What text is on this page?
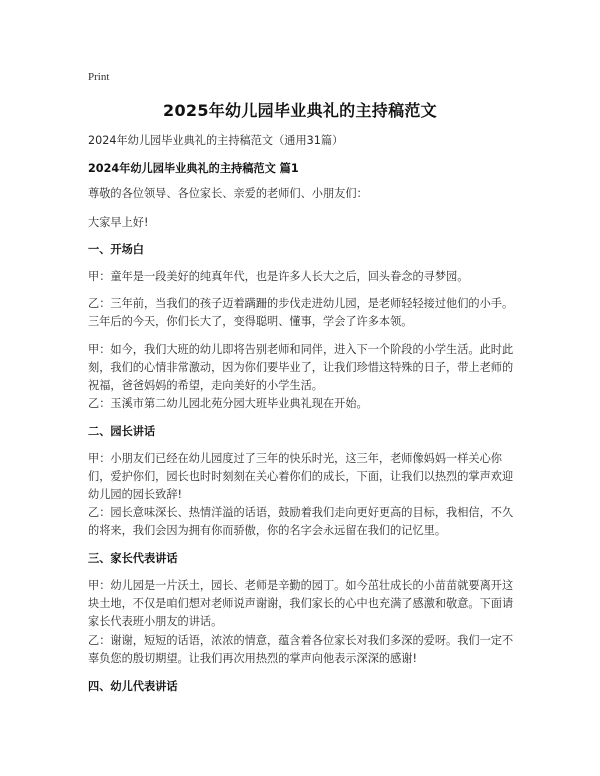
Print
2025年幼儿园毕业典礼的主持稿范文
2024年幼儿园毕业典礼的主持稿范文（通用31篇）
2024年幼儿园毕业典礼的主持稿范文 篇1
尊敬的各位领导、各位家长、亲爱的老师们、小朋友们：
大家早上好!
一、开场白
甲：童年是一段美好的纯真年代，也是许多人长大之后，回头眷念的寻梦园。
乙：三年前，当我们的孩子迈着蹒跚的步伐走进幼儿园，是老师轻轻接过他们的小手。三年后的今天，你们长大了，变得聪明、懂事，学会了许多本领。
甲：如今，我们大班的幼儿即将告别老师和同伴，进入下一个阶段的小学生活。此时此刻，我们的心情非常激动，因为你们要毕业了，让我们珍惜这特殊的日子，带上老师的祝福，爸爸妈妈的希望，走向美好的小学生活。
乙：玉溪市第二幼儿园北苑分园大班毕业典礼现在开始。
二、园长讲话
甲：小朋友们已经在幼儿园度过了三年的快乐时光，这三年，老师像妈妈一样关心你们，爱护你们，园长也时时刻刻在关心着你们的成长，下面，让我们以热烈的掌声欢迎幼儿园的园长致辞!
乙：园长意味深长、热情洋溢的话语，鼓励着我们走向更好更高的目标，我相信，不久的将来，我们会因为拥有你而骄傲，你的名字会永远留在我们的记忆里。
三、家长代表讲话
甲：幼儿园是一片沃土，园长、老师是辛勤的园丁。如今茁壮成长的小苗苗就要离开这块土地，不仅是咱们想对老师说声谢谢，我们家长的心中也充满了感激和敬意。下面请家长代表班小朋友的讲话。
乙：谢谢，短短的话语，浓浓的情意，蕴含着各位家长对我们多深的爱呀。我们一定不辜负您的殷切期望。让我们再次用热烈的掌声向他表示深深的感谢!
四、幼儿代表讲话
